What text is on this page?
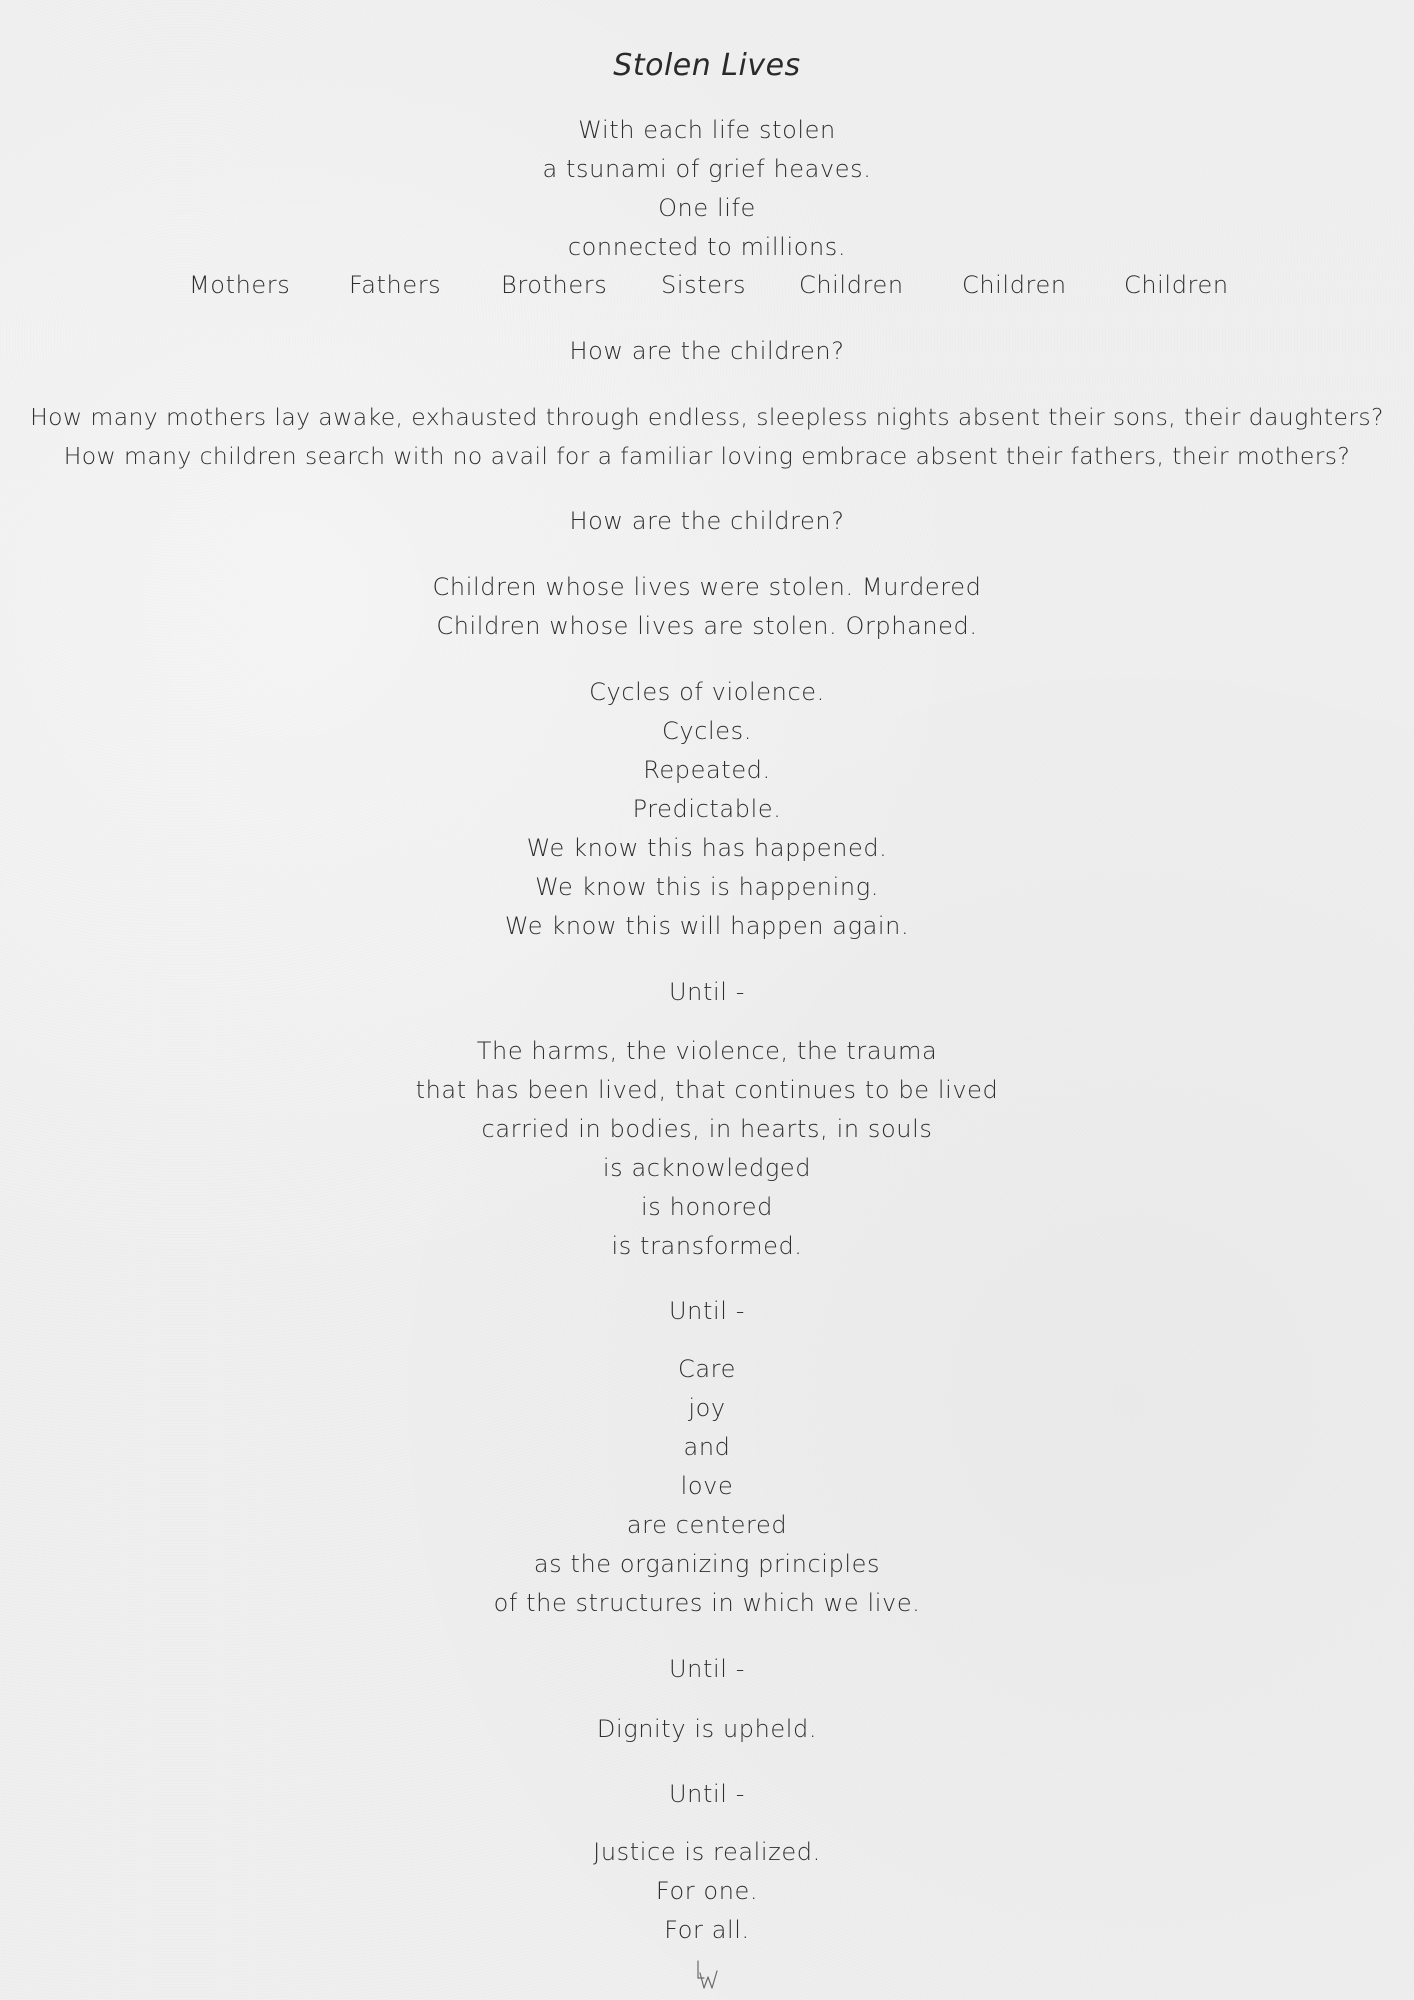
Stolen Lives
With each life stolen
a tsunami of grief heaves.
One life
connected to millions.
Mothers Fathers Brothers Sisters Children Children Children
How are the children?
How many mothers lay awake, exhausted through endless, sleepless nights absent their sons, their daughters?
How many children search with no avail for a familiar loving embrace absent their fathers, their mothers?
How are the children?
Children whose lives were stolen. Murdered
Children whose lives are stolen. Orphaned.
Cycles of violence.
Cycles.
Repeated.
Predictable.
We know this has happened.
We know this is happening.
We know this will happen again.
Until -
The harms, the violence, the trauma
that has been lived, that continues to be lived
carried in bodies, in hearts, in souls
is acknowledged
is honored
is transformed.
Until -
Care
joy
and
love
are centered
as the organizing principles
of the structures in which we live.
Until -
Dignity is upheld.
Until -
Justice is realized.
For one.
For all.
